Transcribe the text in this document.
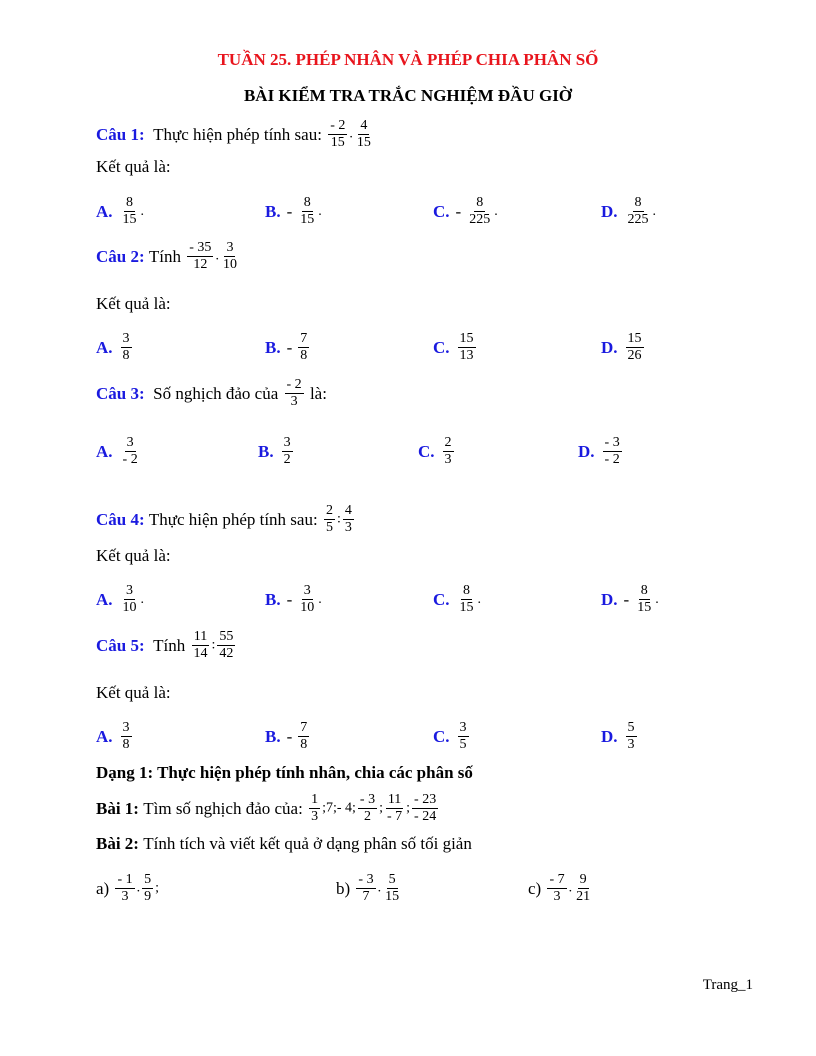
TUẦN 25. PHÉP NHÂN VÀ PHÉP CHIA PHÂN SỐ
BÀI KIỂM TRA TRẮC NGHIỆM ĐẦU GIỜ
Câu 1:
Thực hiện phép tính sau:
$\frac{- 2}{15}$ . $\frac{4}{15}$
Kết quả là:
Câu 2:
Tính
$\frac{- 35}{12}$ . $\frac{3}{10}$
Kết quả là:
Câu 3:
Số nghịch đảo của
$\frac{- 2}{3}$
là:
Câu 4:
Thực hiện phép tính sau:
$\frac{2}{5}$ : $\frac{4}{3}$
Kết quả là:
Câu 5:
Tính
$\frac{11}{14}$ : $\frac{55}{42}$
Kết quả là:
Dạng 1: Thực hiện phép tính nhân, chia các phân số
Bài 1:
Tìm số nghịch đảo của:
$\frac{1}{3}$ ;7;- 4; $\frac{- 3}{2}$ ; $\frac{11}{- 7}$ ; $\frac{- 23}{- 24}$
Bài 2:
Tính tích và viết kết quả ở dạng phân số tối giản
a)
$\frac{- 1}{3}$ . $\frac{5}{9}$ ;	b)
$\frac{- 3}{7}$ . $\frac{5}{15}$	c)
$\frac{- 7}{3}$ . $\frac{9}{21}$
Trang_1
A. $\frac{8}{15}$ .	B. - $\frac{8}{15}$ .	C. - $\frac{8}{225}$ .	D. $\frac{8}{225}$ .
A. $\frac{3}{8}$	B. - $\frac{7}{8}$	C. $\frac{15}{13}$	D. $\frac{15}{26}$
A. $\frac{3}{- 2}$	B. $\frac{3}{2}$	C. $\frac{2}{3}$	D. $\frac{- 3}{- 2}$
A. $\frac{3}{10}$ .	B. - $\frac{3}{10}$ .	C. $\frac{8}{15}$ .	D. - $\frac{8}{15}$ .
A. $\frac{3}{8}$	B. - $\frac{7}{8}$	C. $\frac{3}{5}$	D. $\frac{5}{3}$
